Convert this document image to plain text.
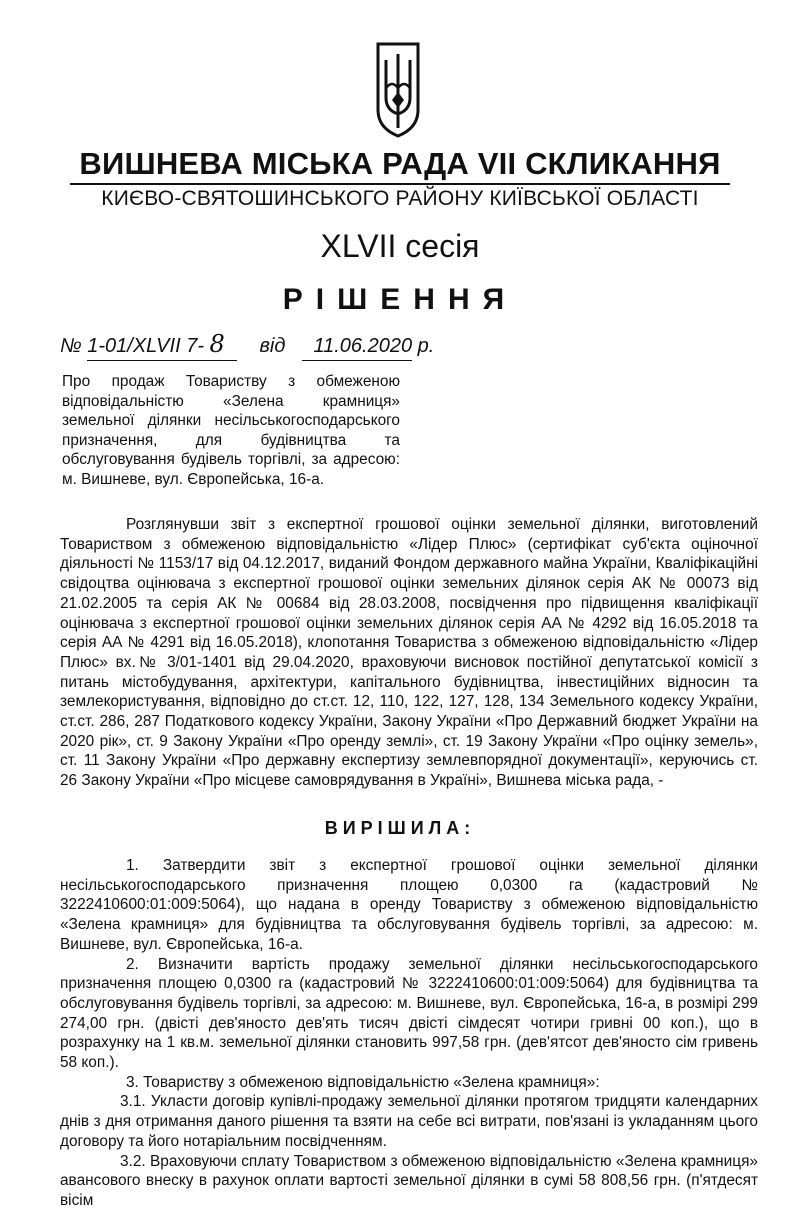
ВИШНЕВА МІСЬКА РАДА VII СКЛИКАННЯ
КИЄВО-СВЯТОШИНСЬКОГО РАЙОНУ КИЇВСЬКОЇ ОБЛАСТІ
XLVII сесія
РІШЕННЯ
№ 1-01/XLVII 7- 8 від 11.06.2020 р.
Про продаж Товариству з обмеженою відповідальністю «Зелена крамниця» земельної ділянки несільськогосподарського призначення, для будівництва та обслуговування будівель торгівлі, за адресою: м. Вишневе, вул. Європейська, 16-а.
Розглянувши звіт з експертної грошової оцінки земельної ділянки, виготовлений Товариством з обмеженою відповідальністю «Лідер Плюс» (сертифікат суб'єкта оціночної діяльності № 1153/17 від 04.12.2017, виданий Фондом державного майна України, Кваліфікаційні свідоцтва оцінювача з експертної грошової оцінки земельних ділянок серія АК № 00073 від 21.02.2005 та серія АК № 00684 від 28.03.2008, посвідчення про підвищення кваліфікації оцінювача з експертної грошової оцінки земельних ділянок серія АА № 4292 від 16.05.2018 та серія АА № 4291 від 16.05.2018), клопотання Товариства з обмеженою відповідальністю «Лідер Плюс» вх.№ 3/01-1401 від 29.04.2020, враховуючи висновок постійної депутатської комісії з питань містобудування, архітектури, капітального будівництва, інвестиційних відносин та землекористування, відповідно до ст.ст. 12, 110, 122, 127, 128, 134 Земельного кодексу України, ст.ст. 286, 287 Податкового кодексу України, Закону України «Про Державний бюджет України на 2020 рік», ст. 9 Закону України «Про оренду землі», ст. 19 Закону України «Про оцінку земель», ст. 11 Закону України «Про державну експертизу землевпорядної документації», керуючись ст. 26 Закону України «Про місцеве самоврядування в Україні», Вишнева міська рада, -
ВИРІШИЛА:

1. Затвердити звіт з експертної грошової оцінки земельної ділянки несільськогосподарського призначення площею 0,0300 га (кадастровий № 3222410600:01:009:5064), що надана в оренду Товариству з обмеженою відповідальністю «Зелена крамниця» для будівництва та обслуговування будівель торгівлі, за адресою: м. Вишневе, вул. Європейська, 16-а.

2. Визначити вартість продажу земельної ділянки несільськогосподарського призначення площею 0,0300 га (кадастровий № 3222410600:01:009:5064) для будівництва та обслуговування будівель торгівлі, за адресою: м. Вишневе, вул. Європейська, 16-а, в розмірі 299 274,00 грн. (двісті дев'яносто дев'ять тисяч двісті сімдесят чотири гривні 00 коп.), що в розрахунку на 1 кв.м. земельної ділянки становить 997,58 грн. (дев'ятсот дев'яносто сім гривень 58 коп.).

3. Товариству з обмеженою відповідальністю «Зелена крамниця»:

3.1. Укласти договір купівлі-продажу земельної ділянки протягом тридцяти календарних днів з дня отримання даного рішення та взяти на себе всі витрати, пов'язані із укладанням цього договору та його нотаріальним посвідченням.

3.2. Враховуючи сплату Товариством з обмеженою відповідальністю «Зелена крамниця» авансового внеску в рахунок оплати вартості земельної ділянки в сумі 58 808,56 грн. (п'ятдесят вісім
